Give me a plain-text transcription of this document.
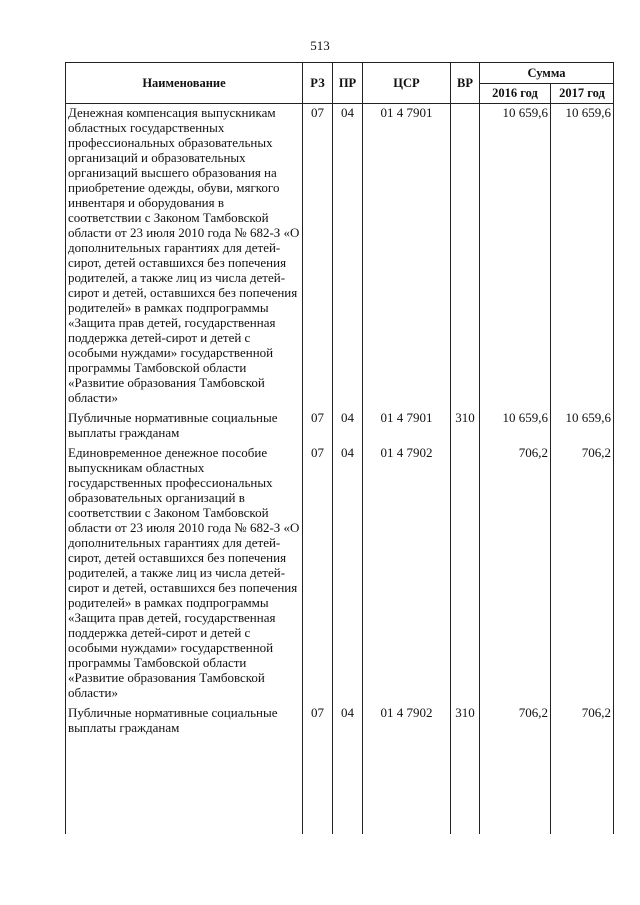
513
Наименование	РЗ	ПР	ЦСР	ВР	Сумма	
					2016 год	2017 год
Денежная компенсация выпускникам областных государственных профессиональных образовательных организаций и образовательных организаций высшего образования на приобретение одежды, обуви, мягкого инвентаря и оборудования в соответствии с Законом Тамбовской области от 23 июля 2010 года № 682-З «О дополнительных гарантиях для детей-сирот, детей оставшихся без попечения родителей, а также лиц из числа детей-сирот и детей, оставшихся без попечения родителей» в рамках подпрограммы «Защита прав детей, государственная поддержка детей-сирот и детей с особыми нуждами» государственной программы Тамбовской области «Развитие образования Тамбовской области»	07	04	01 4 7901		10 659,6	10 659,6
Публичные нормативные социальные выплаты гражданам	07	04	01 4 7901	310	10 659,6	10 659,6
Единовременное денежное пособие выпускникам областных государственных профессиональных образовательных организаций в соответствии с Законом Тамбовской области от 23 июля 2010 года № 682-З «О дополнительных гарантиях для детей-сирот, детей оставшихся без попечения родителей, а также лиц из числа детей-сирот и детей, оставшихся без попечения родителей» в рамках подпрограммы «Защита прав детей, государственная поддержка детей-сирот и детей с особыми нуждами» государственной программы Тамбовской области «Развитие образования Тамбовской области»	07	04	01 4 7902		706,2	706,2
Публичные нормативные социальные выплаты гражданам	07	04	01 4 7902	310	706,2	706,2
